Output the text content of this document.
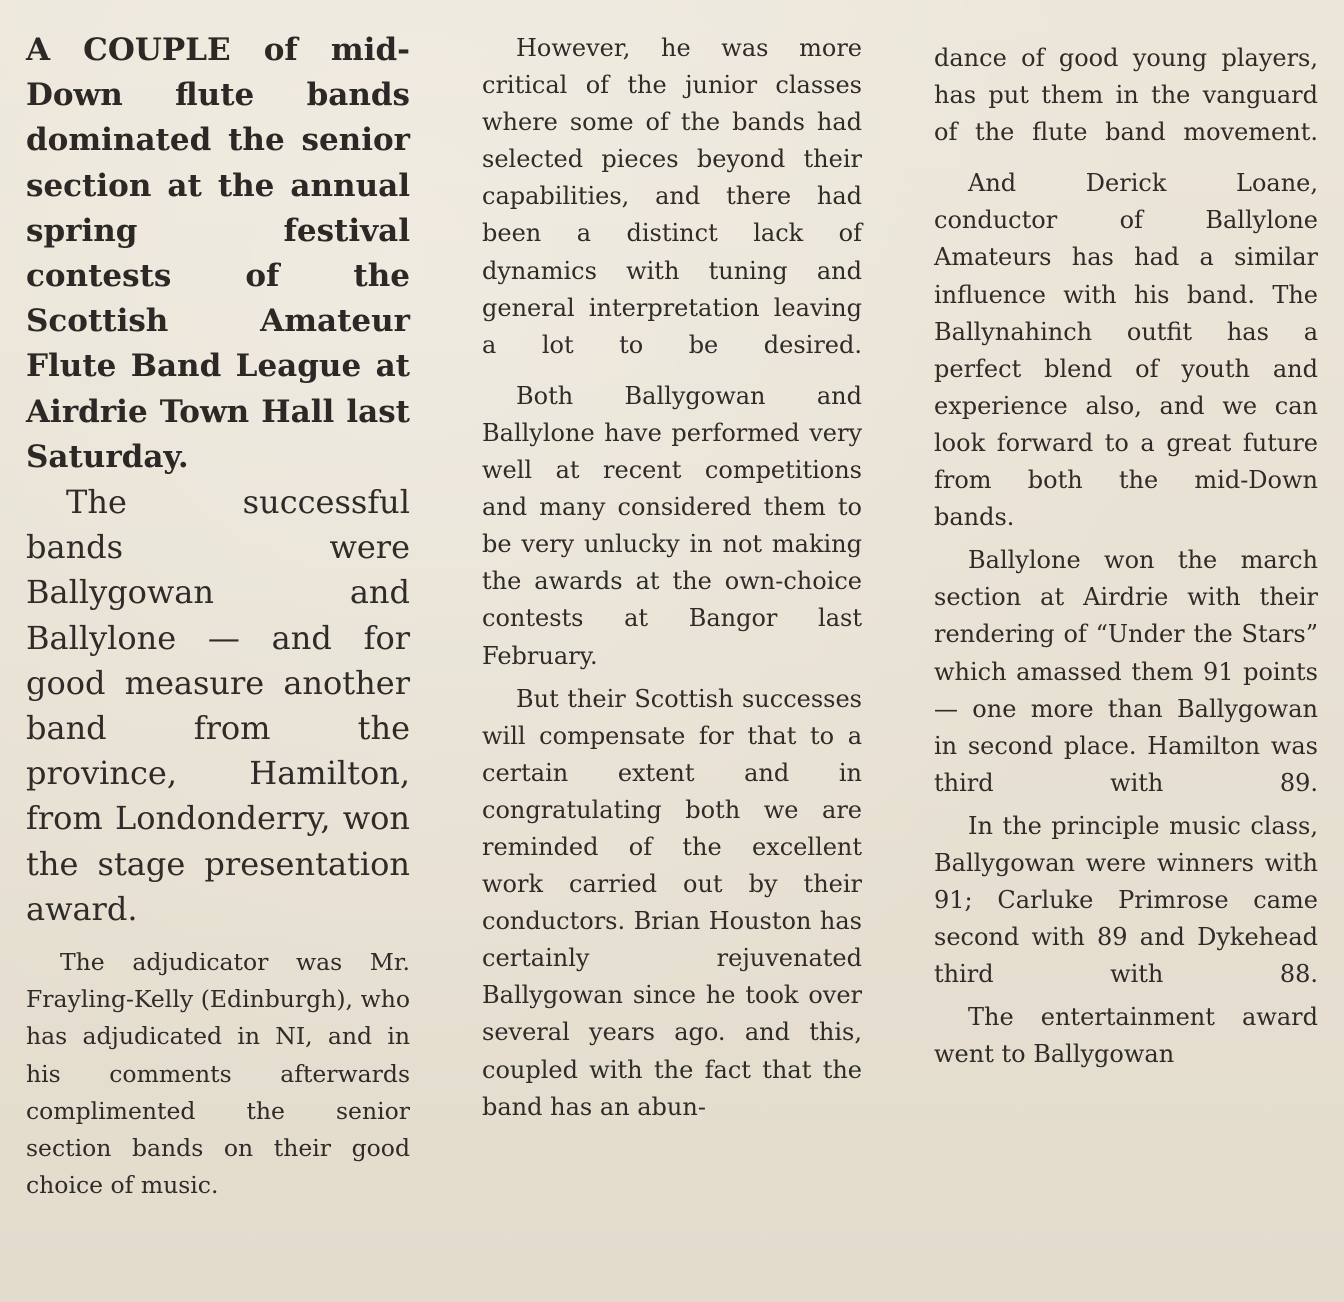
A COUPLE of mid-Down flute bands dominated the senior section at the annual spring festival contests of the Scottish Amateur Flute Band League at Airdrie Town Hall last Saturday.

The successful bands were Ballygowan and Ballylone — and for good measure another band from the province, Hamilton, from Londonderry, won the stage presentation award.

The adjudicator was Mr. Frayling-Kelly (Edinburgh), who has adjudicated in NI, and in his comments afterwards complimented the senior section bands on their good choice of music.

However, he was more critical of the junior classes where some of the bands had selected pieces beyond their capabilities, and there had been a distinct lack of dynamics with tuning and general interpretation leaving a lot to be desired.

Both Ballygowan and Ballylone have performed very well at recent competitions and many considered them to be very unlucky in not making the awards at the own-choice contests at Bangor last February.

But their Scottish successes will compensate for that to a certain extent and in congratulating both we are reminded of the excellent work carried out by their conductors. Brian Houston has certainly rejuvenated Ballygowan since he took over several years ago. and this, coupled with the fact that the band has an abun-

dance of good young players, has put them in the vanguard of the flute band movement.

And Derick Loane, conductor of Ballylone Amateurs has had a similar influence with his band. The Ballynahinch outfit has a perfect blend of youth and experience also, and we can look forward to a great future from both the mid-Down bands.

Ballylone won the march section at Airdrie with their rendering of “Under the Stars” which amassed them 91 points — one more than Ballygowan in second place. Hamilton was third with 89.

In the principle music class, Ballygowan were winners with 91; Carluke Primrose came second with 89 and Dykehead third with 88.

The entertainment award went to Ballygowan
